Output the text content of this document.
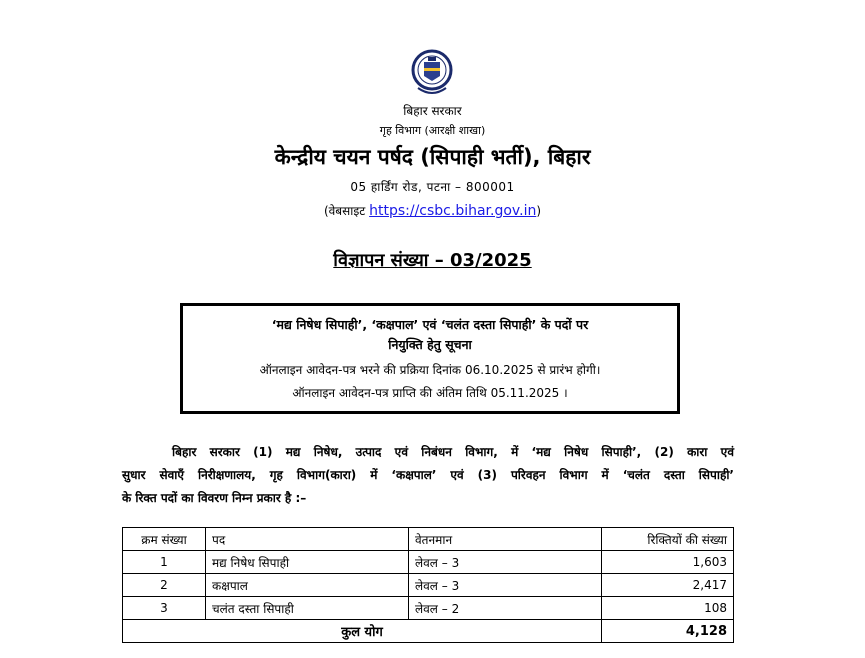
बिहार सरकार
गृह विभाग (आरक्षी शाखा)
केन्द्रीय चयन पर्षद (सिपाही भर्ती), बिहार
05 हार्डिंग रोड, पटना – 800001
(वेबसाइट https://csbc.bihar.gov.in)
विज्ञापन संख्या – 03/2025
‘मद्य निषेध सिपाही’, ‘कक्षपाल’ एवं ‘चलंत दस्ता सिपाही’ के पदों पर
नियुक्ति हेतु सूचना
ऑनलाइन आवेदन-पत्र भरने की प्रक्रिया दिनांक 06.10.2025 से प्रारंभ होगी।
ऑनलाइन आवेदन-पत्र प्राप्ति की अंतिम तिथि 05.11.2025 ।
बिहार सरकार (1) मद्य निषेध, उत्पाद एवं निबंधन विभाग, में ‘मद्य निषेध सिपाही’, (2) कारा एवं
सुधार सेवाएँ निरीक्षणालय, गृह विभाग(कारा) में ‘कक्षपाल’ एवं (3) परिवहन विभाग में ‘चलंत दस्ता सिपाही’
के रिक्त पदों का विवरण निम्न प्रकार है :–
क्रम संख्या	पद	वेतनमान	रिक्तियों की संख्या
1	मद्य निषेध सिपाही	लेवल – 3	1,603
2	कक्षपाल	लेवल – 3	2,417
3	चलंत दस्ता सिपाही	लेवल – 2	108
कुल योग			4,128
